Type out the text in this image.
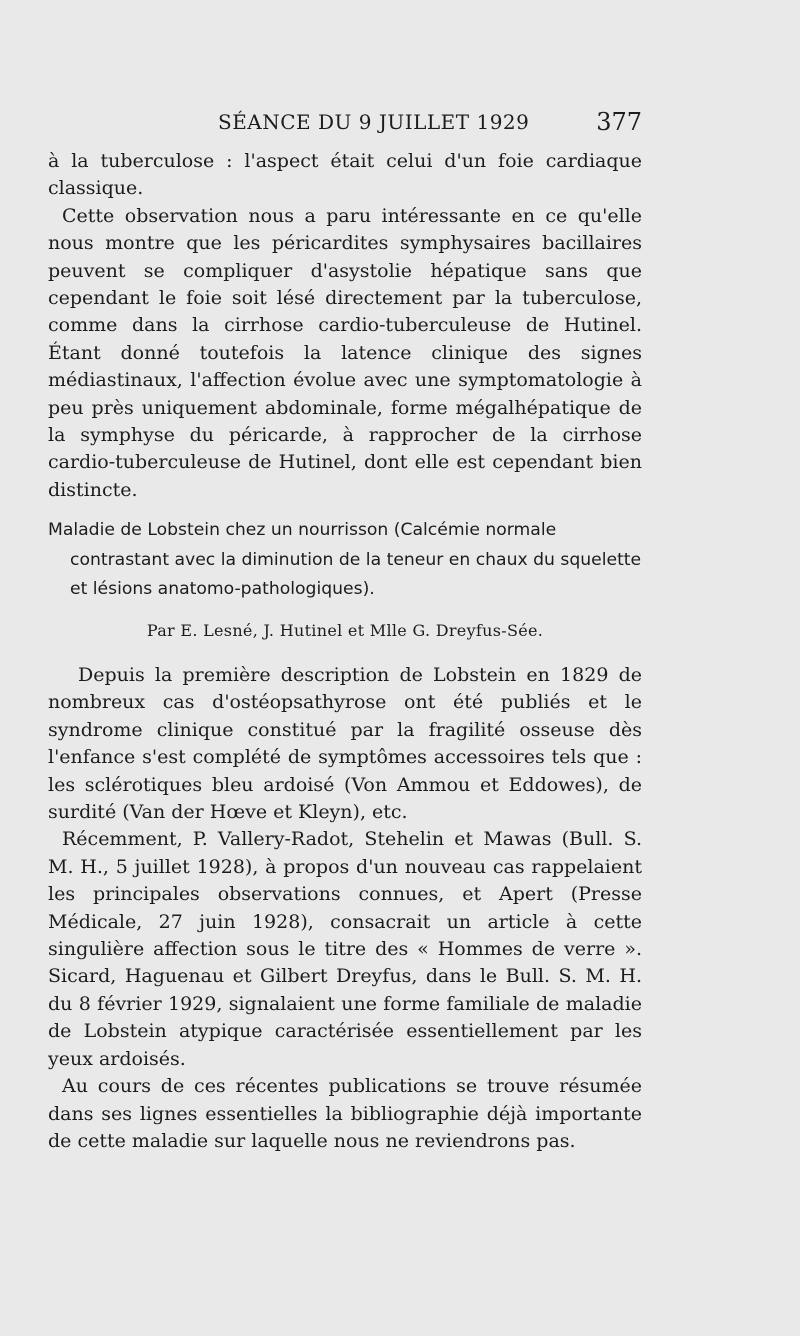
SÉANCE DU 9 JUILLET 1929	377

à la tuberculose : l'aspect était celui d'un foie cardiaque classique.

Cette observation nous a paru intéressante en ce qu'elle nous montre que les péricardites symphysaires bacillaires peuvent se compliquer d'asystolie hépatique sans que cependant le foie soit lésé directement par la tuberculose, comme dans la cirrhose cardio-tuberculeuse de Hutinel. Étant donné toutefois la latence clinique des signes médiastinaux, l'affection évolue avec une symptomatologie à peu près uniquement abdominale, forme mégalhépatique de la symphyse du péricarde, à rapprocher de la cirrhose cardio-tuberculeuse de Hutinel, dont elle est cependant bien distincte.

Maladie de Lobstein chez un nourrisson (Calcémie normale
contrastant avec la diminution de la teneur en chaux du squelette et lésions anatomo-pathologiques).
Par E. Lesné, J. Hutinel et Mlle G. Dreyfus-Sée.

Depuis la première description de Lobstein en 1829 de nombreux cas d'ostéopsathyrose ont été publiés et le syndrome clinique constitué par la fragilité osseuse dès l'enfance s'est complété de symptômes accessoires tels que : les sclérotiques bleu ardoisé (Von Ammou et Eddowes), de surdité (Van der Hœve et Kleyn), etc.

Récemment, P. Vallery-Radot, Stehelin et Mawas (Bull. S. M. H., 5 juillet 1928), à propos d'un nouveau cas rappelaient les principales observations connues, et Apert (Presse Médicale, 27 juin 1928), consacrait un article à cette singulière affection sous le titre des « Hommes de verre ». Sicard, Haguenau et Gilbert Dreyfus, dans le Bull. S. M. H. du 8 février 1929, signalaient une forme familiale de maladie de Lobstein atypique caractérisée essentiellement par les yeux ardoisés.

Au cours de ces récentes publications se trouve résumée dans ses lignes essentielles la bibliographie déjà importante de cette maladie sur laquelle nous ne reviendrons pas.
